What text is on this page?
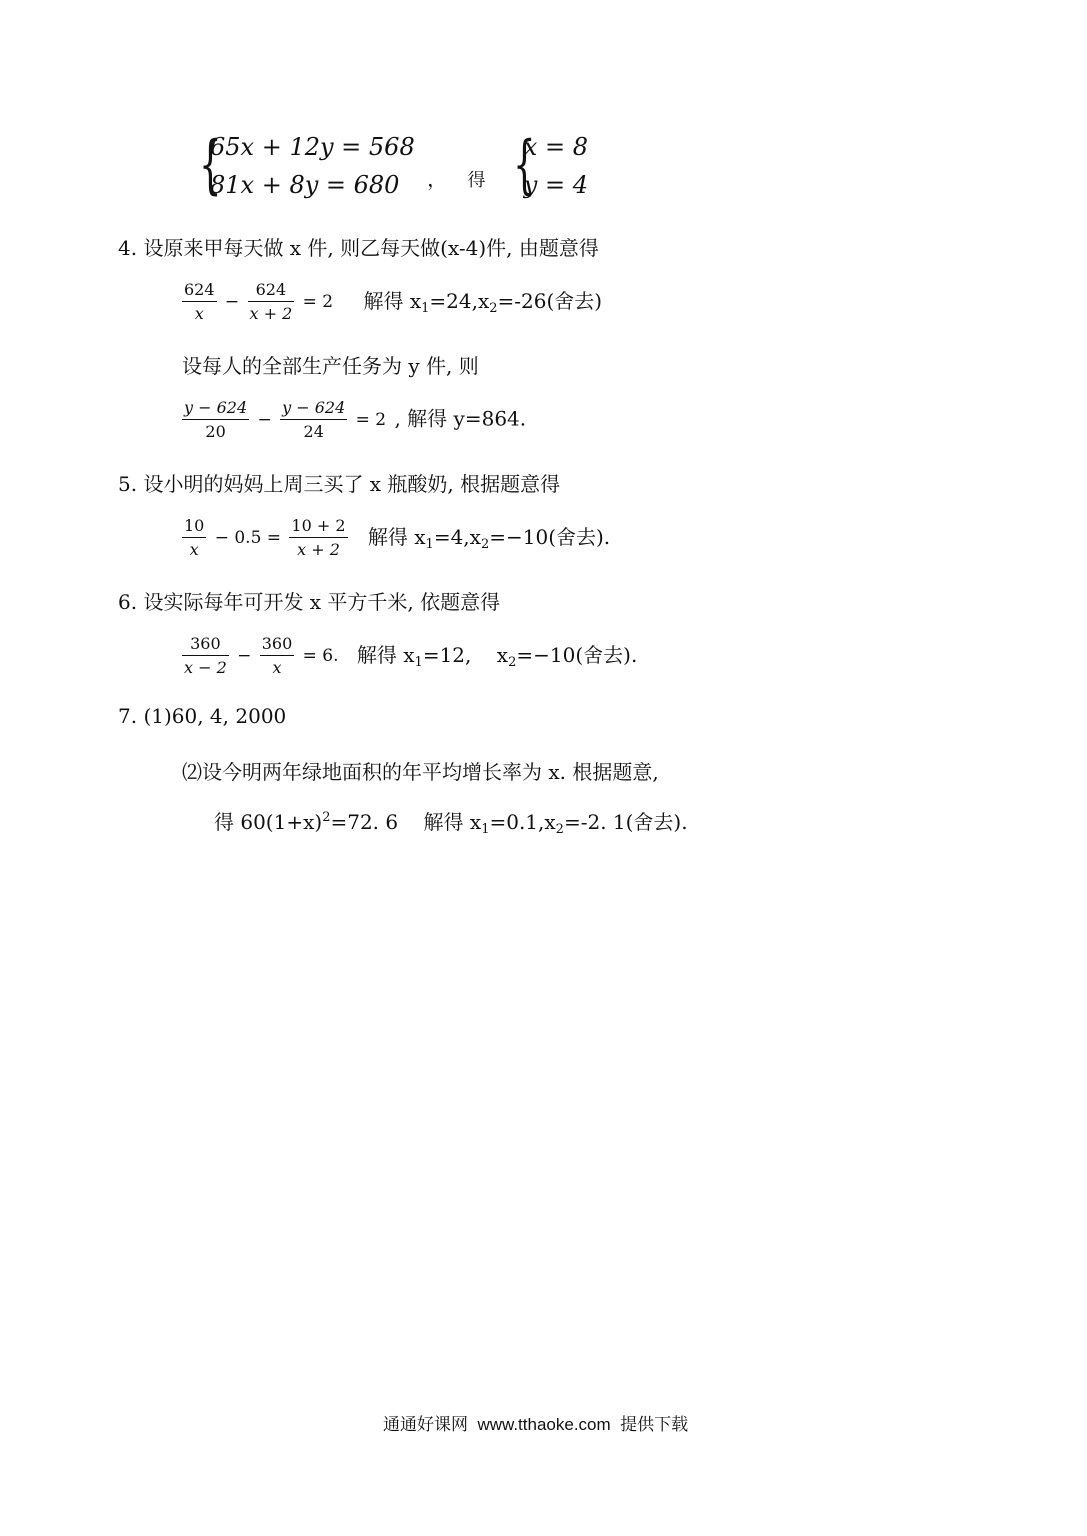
{
65x + 12y = 568
81x + 8y = 680	， 得 {
x = 8
y = 4
4. 设原来甲每天做 x 件, 则乙每天做(x-4)件, 由题意得
$\frac{624}{x} - \frac{624}{x + 2} = 2$ 解得 $x_1=24,x_2=-26$(舍去)
设每人的全部生产任务为 y 件, 则
$\frac{y - 624}{20} - \frac{y - 624}{24} = 2$ , 解得 y=864.
5. 设小明的妈妈上周三买了 x 瓶酸奶, 根据题意得
$\frac{10}{x} - 0.5 = \frac{10 + 2}{x + 2}$ 解得 $x_1=4,x_2=-10$(舍去).
6. 设实际每年可开发 x 平方千米, 依题意得
$\frac{360}{x - 2} - \frac{360}{x} = 6$. 解得 $x_1=12$,    $x_2=-10$(舍去).
7. (1)60, 4, 2000
⑵设今明两年绿地面积的年平均增长率为 x. 根据题意,
得 $60(1+x)^2=72$. 6    解得 $x_1=0.1,x_2=-2$. 1(舍去).
通通好课网  www.tthaoke.com  提供下载
